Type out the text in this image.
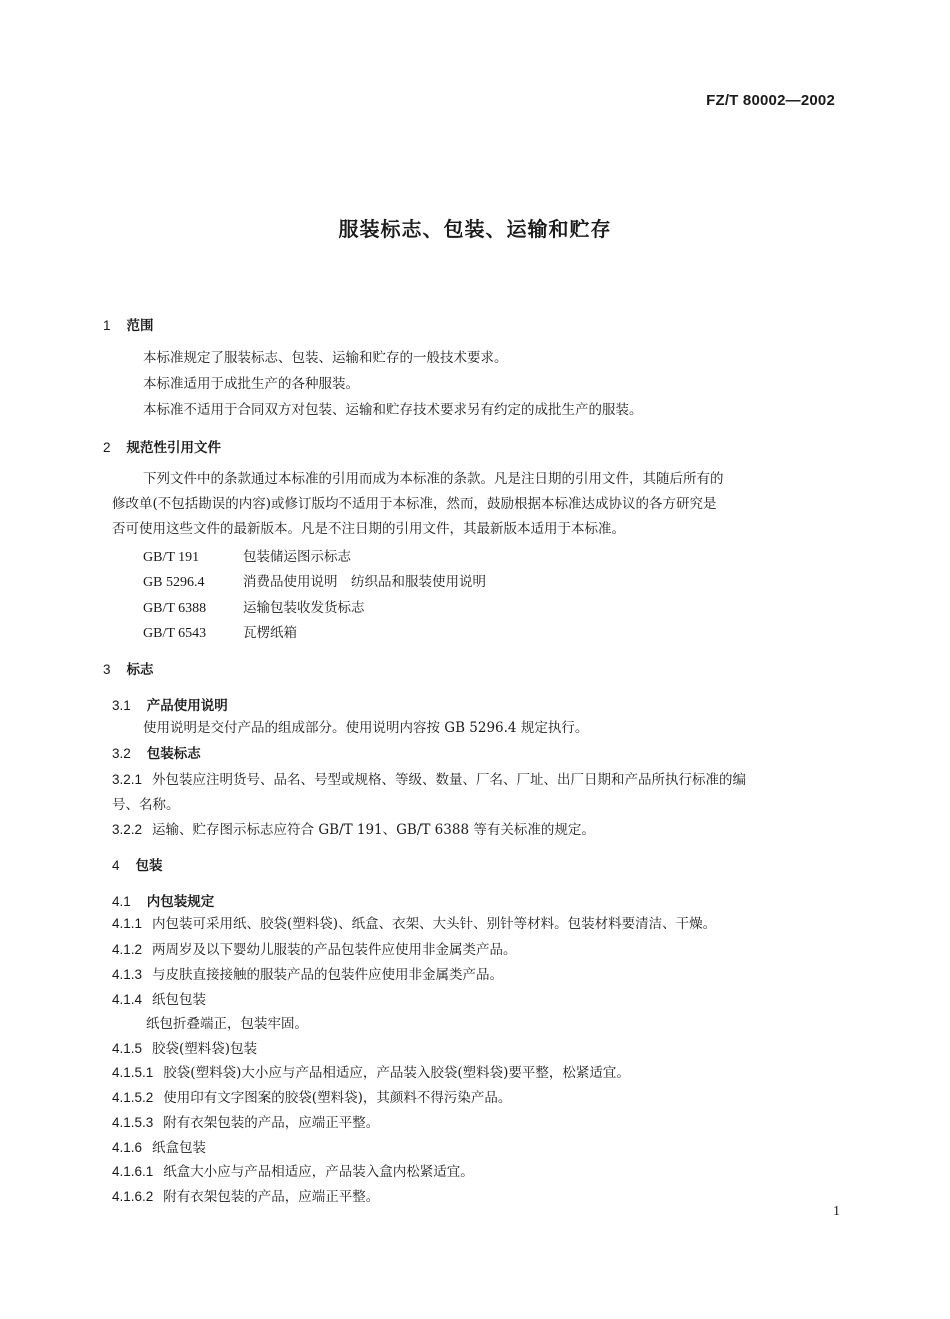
FZ/T 80002—2002
服装标志、包装、运输和贮存
1 范围
本标准规定了服装标志、包装、运输和贮存的一般技术要求。
本标准适用于成批生产的各种服装。
本标准不适用于合同双方对包装、运输和贮存技术要求另有约定的成批生产的服装。
2 规范性引用文件
下列文件中的条款通过本标准的引用而成为本标准的条款。凡是注日期的引用文件，其随后所有的
修改单(不包括勘误的内容)或修订版均不适用于本标准，然而，鼓励根据本标准达成协议的各方研究是
否可使用这些文件的最新版本。凡是不注日期的引用文件，其最新版本适用于本标准。
GB/T 191	包装储运图示标志
GB 5296.4	消费品使用说明　纺织品和服装使用说明
GB/T 6388	运输包装收发货标志
GB/T 6543	瓦楞纸箱
3 标志
3.1 产品使用说明
使用说明是交付产品的组成部分。使用说明内容按 GB 5296.4 规定执行。
3.2 包装标志
3.2.1 外包装应注明货号、品名、号型或规格、等级、数量、厂名、厂址、出厂日期和产品所执行标准的编
号、名称。
3.2.2 运输、贮存图示标志应符合 GB/T 191、GB/T 6388 等有关标准的规定。
4 包装
4.1 内包装规定
4.1.1 内包装可采用纸、胶袋(塑料袋)、纸盒、衣架、大头针、别针等材料。包装材料要清洁、干燥。
4.1.2 两周岁及以下婴幼儿服装的产品包装件应使用非金属类产品。
4.1.3 与皮肤直接接触的服装产品的包装件应使用非金属类产品。
4.1.4 纸包包装
纸包折叠端正，包装牢固。
4.1.5 胶袋(塑料袋)包装
4.1.5.1 胶袋(塑料袋)大小应与产品相适应，产品装入胶袋(塑料袋)要平整，松紧适宜。
4.1.5.2 使用印有文字图案的胶袋(塑料袋)，其颜料不得污染产品。
4.1.5.3 附有衣架包装的产品，应端正平整。
4.1.6 纸盒包装
4.1.6.1 纸盒大小应与产品相适应，产品装入盒内松紧适宜。
4.1.6.2 附有衣架包装的产品，应端正平整。
1
